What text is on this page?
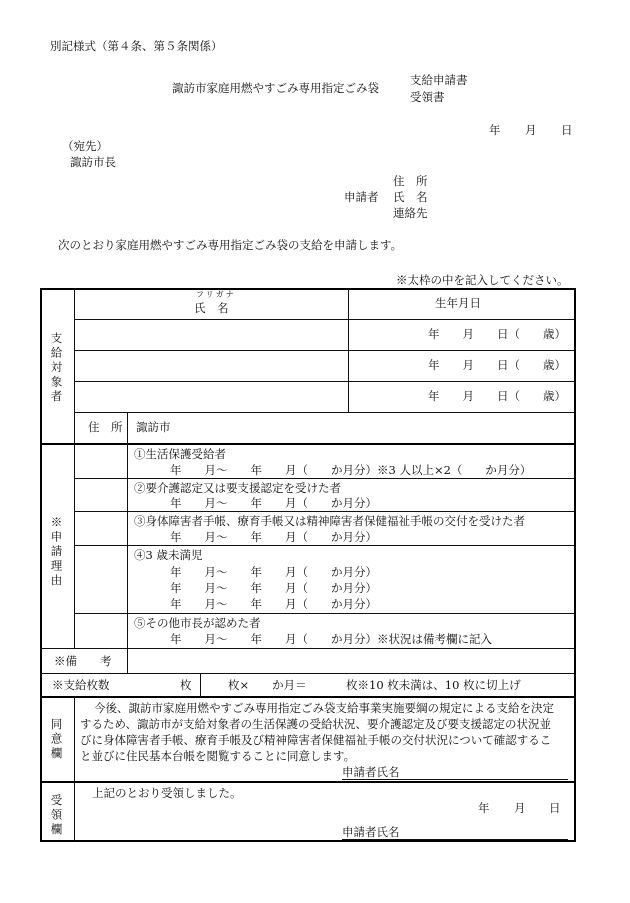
別記様式（第４条、第５条関係）
諏訪市家庭用燃やすごみ専用指定ごみ袋
支給申請書
受領書
年 月 日
（宛先）
諏訪市長
住　所
申請者 氏　名
連絡先
次のとおり家庭用燃やすごみ専用指定ごみ袋の支給を申請します。
※太枠の中を記入してください。
支給対象者
フリガナ
氏　名	生年月日
年　　月　　日（　　歳）
年　　月　　日（　　歳）
年　　月　　日（　　歳）
住　所 諏訪市
※申請理由
①生活保護受給者
年　　月〜　　年　　月（　　か月分）※3 人以上×2（　　か月分）
②要介護認定又は要支援認定を受けた者
年　　月〜　　年　　月（　　か月分）
③身体障害者手帳、療育手帳又は精神障害者保健福祉手帳の交付を受けた者
年　　月〜　　年　　月（　　か月分）
④3 歳未満児
年　　月〜　　年　　月（　　か月分）
年　　月〜　　年　　月（　　か月分）
年　　月〜　　年　　月（　　か月分）
⑤その他市長が認めた者
年　　月〜　　年　　月（　　か月分）※状況は備考欄に記入
※備　　考
※支給枚数	枚	枚×　　か月＝	枚※10 枚未満は、10 枚に切上げ
同意欄
今後、諏訪市家庭用燃やすごみ専用指定ごみ袋支給事業実施要綱の規定による支給を決定
するため、諏訪市が支給対象者の生活保護の受給状況、要介護認定及び要支援認定の状況並
びに身体障害者手帳、療育手帳及び精神障害者保健福祉手帳の交付状況について確認するこ
と並びに住民基本台帳を閲覧することに同意します。
申請者氏名
受領欄
上記のとおり受領しました。
年 月 日
申請者氏名
